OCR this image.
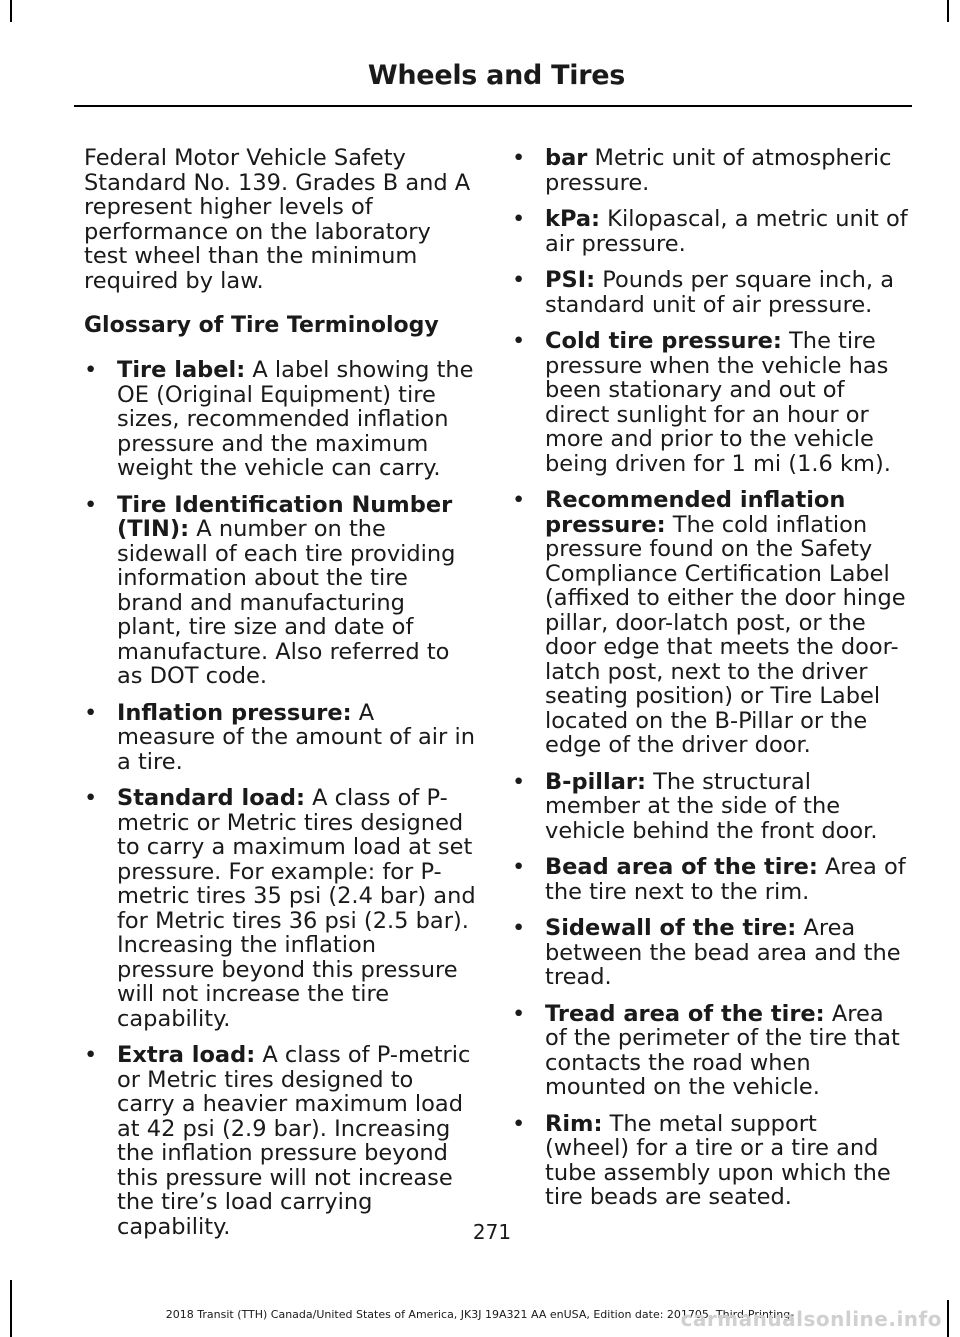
Wheels and Tires

Federal Motor Vehicle Safety Standard No. 139. Grades B and A represent higher levels of performance on the laboratory test wheel than the minimum required by law.

Glossary of Tire Terminology
• Tire label: A label showing the OE (Original Equipment) tire sizes, recommended inflation pressure and the maximum weight the vehicle can carry.
• Tire Identification Number (TIN): A number on the sidewall of each tire providing information about the tire brand and manufacturing plant, tire size and date of manufacture. Also referred to as DOT code.
• Inflation pressure: A measure of the amount of air in a tire.
• Standard load: A class of P-metric or Metric tires designed to carry a maximum load at set pressure. For example: for P-metric tires 35 psi (2.4 bar) and for Metric tires 36 psi (2.5 bar). Increasing the inflation pressure beyond this pressure will not increase the tire capability.
• Extra load: A class of P-metric or Metric tires designed to carry a heavier maximum load at 42 psi (2.9 bar). Increasing the inflation pressure beyond this pressure will not increase the tire’s load carrying capability.
• bar Metric unit of atmospheric pressure.
• kPa: Kilopascal, a metric unit of air pressure.
• PSI: Pounds per square inch, a standard unit of air pressure.
• Cold tire pressure: The tire pressure when the vehicle has been stationary and out of direct sunlight for an hour or more and prior to the vehicle being driven for 1 mi (1.6 km).
• Recommended inflation pressure: The cold inflation pressure found on the Safety Compliance Certification Label (affixed to either the door hinge pillar, door-latch post, or the door edge that meets the door-latch post, next to the driver seating position) or Tire Label located on the B-Pillar or the edge of the driver door.
• B-pillar: The structural member at the side of the vehicle behind the front door.
• Bead area of the tire: Area of the tire next to the rim.
• Sidewall of the tire: Area between the bead area and the tread.
• Tread area of the tire: Area of the perimeter of the tire that contacts the road when mounted on the vehicle.
• Rim: The metal support (wheel) for a tire or a tire and tube assembly upon which the tire beads are seated.
271
2018 Transit (TTH) Canada/United States of America, JK3J 19A321 AA enUSA, Edition date: 201705, Third-Printing-
carmanualsonline.info
